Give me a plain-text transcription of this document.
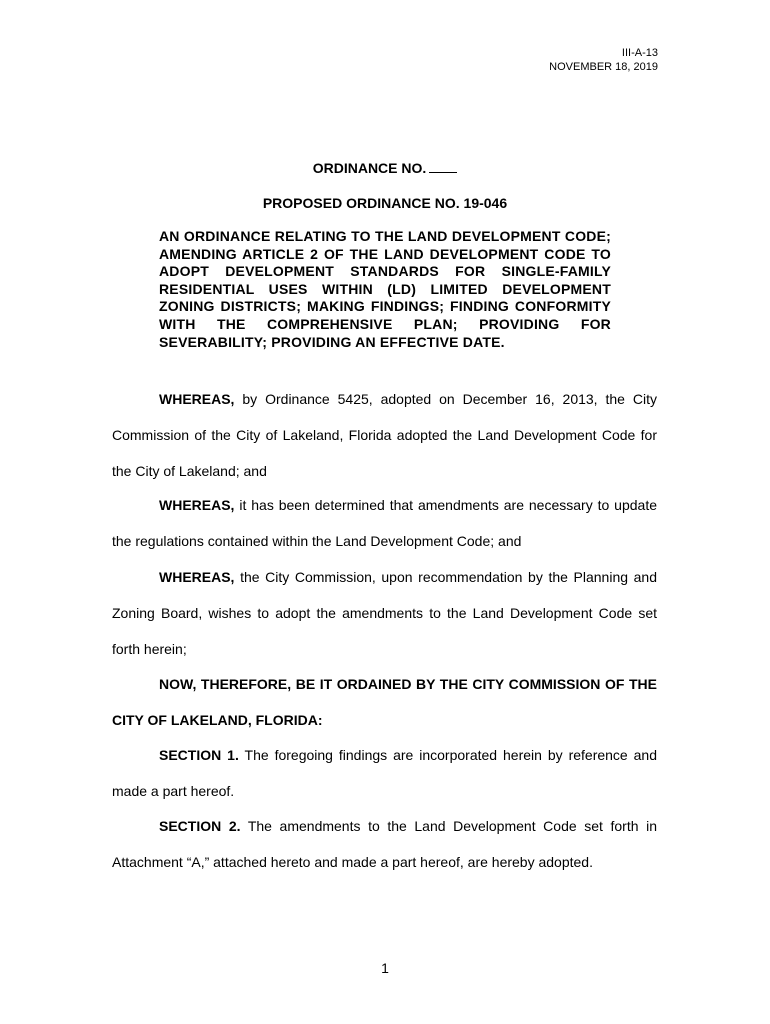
III-A-13
NOVEMBER 18, 2019
ORDINANCE NO.
PROPOSED ORDINANCE NO. 19-046
AN ORDINANCE RELATING TO THE LAND DEVELOPMENT CODE; AMENDING ARTICLE 2 OF THE LAND DEVELOPMENT CODE TO ADOPT DEVELOPMENT STANDARDS FOR SINGLE-FAMILY RESIDENTIAL USES WITHIN (LD) LIMITED DEVELOPMENT ZONING DISTRICTS; MAKING FINDINGS; FINDING CONFORMITY WITH THE COMPREHENSIVE PLAN; PROVIDING FOR SEVERABILITY; PROVIDING AN EFFECTIVE DATE.
WHEREAS, by Ordinance 5425, adopted on December 16, 2013, the City Commission of the City of Lakeland, Florida adopted the Land Development Code for the City of Lakeland; and
WHEREAS, it has been determined that amendments are necessary to update the regulations contained within the Land Development Code; and
WHEREAS, the City Commission, upon recommendation by the Planning and Zoning Board, wishes to adopt the amendments to the Land Development Code set forth herein;
NOW, THEREFORE, BE IT ORDAINED BY THE CITY COMMISSION OF THE CITY OF LAKELAND, FLORIDA:
SECTION 1. The foregoing findings are incorporated herein by reference and made a part hereof.
SECTION 2. The amendments to the Land Development Code set forth in Attachment “A,” attached hereto and made a part hereof, are hereby adopted.
1
